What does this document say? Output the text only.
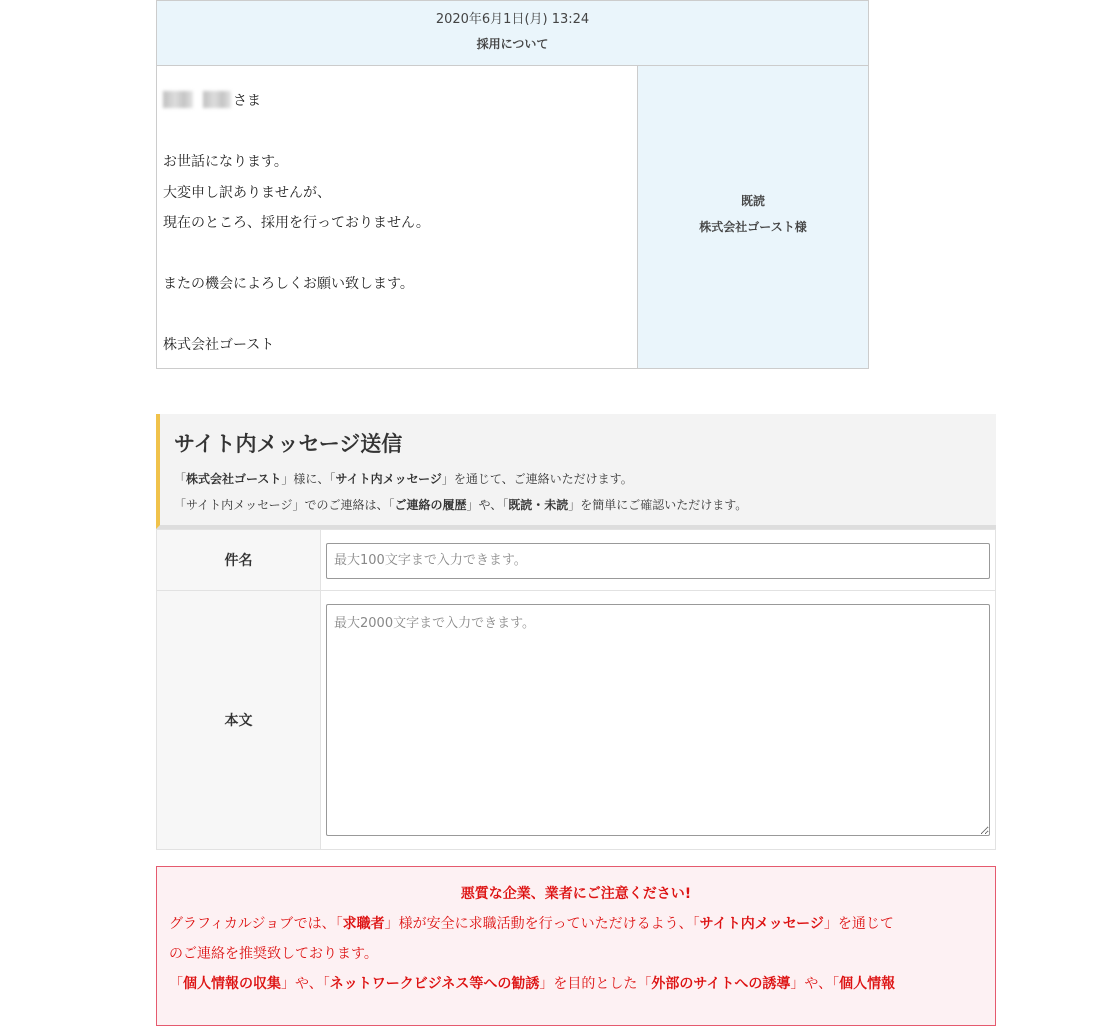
2020年6月1日(月) 13:24
採用について

さま

お世話になります。

大変申し訳ありませんが、

現在のところ、採用を行っておりません。

またの機会によろしくお願い致します。

株式会社ゴースト

既読
株式会社ゴースト様
サイト内メッセージ送信
「株式会社ゴースト」様に、「サイト内メッセージ」を通じて、ご連絡いただけます。
「サイト内メッセージ」でのご連絡は、「ご連絡の履歴」や、「既読・未読」を簡単にご確認いただけます。
件名	
最大100文字まで入力できます。
本文	
最大2000文字まで入力できます。
悪質な企業、業者にご注意ください!

グラフィカルジョブでは、「求職者」様が安全に求職活動を行っていただけるよう、「サイト内メッセージ」を通じて

のご連絡を推奨致しております。

「個人情報の収集」や、「ネットワークビジネス等への勧誘」を目的とした「外部のサイトへの誘導」や、「個人情報
